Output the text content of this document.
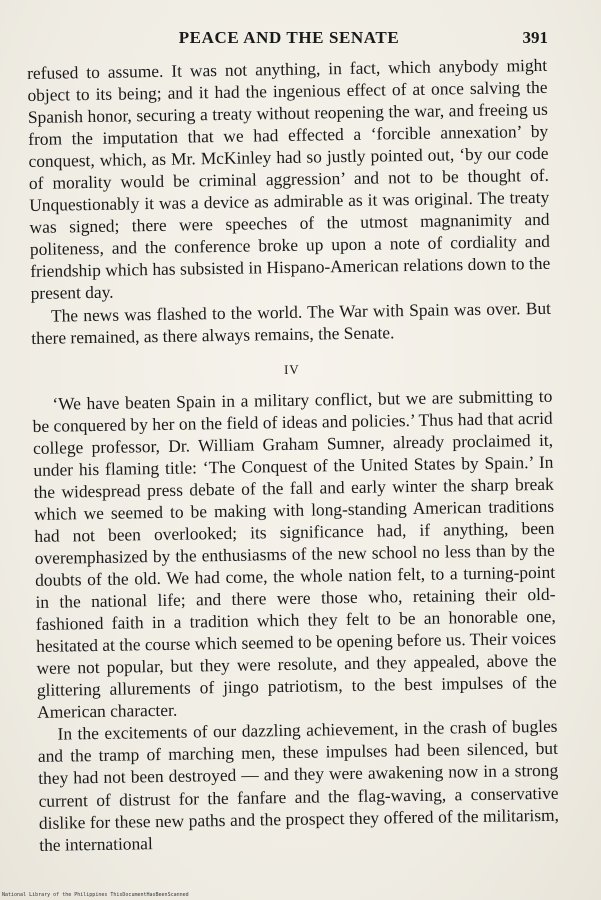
PEACE AND THE SENATE	391

refused to assume. It was not anything, in fact, which anybody might object to its being; and it had the ingenious effect of at once salving the Spanish honor, securing a treaty without reopening the war, and freeing us from the imputation that we had effected a ‘forcible annexation’ by conquest, which, as Mr. McKinley had so justly pointed out, ‘by our code of morality would be criminal aggression’ and not to be thought of. Unquestionably it was a device as admirable as it was original. The treaty was signed; there were speeches of the utmost magnanimity and politeness, and the conference broke up upon a note of cordiality and friendship which has subsisted in Hispano-American relations down to the present day.

The news was flashed to the world. The War with Spain was over. But there remained, as there always remains, the Senate.

IV

‘We have beaten Spain in a military conflict, but we are submitting to be conquered by her on the field of ideas and policies.’ Thus had that acrid college professor, Dr. William Graham Sumner, already proclaimed it, under his flaming title: ‘The Conquest of the United States by Spain.’ In the widespread press debate of the fall and early winter the sharp break which we seemed to be making with long-standing American traditions had not been overlooked; its significance had, if anything, been overemphasized by the enthusiasms of the new school no less than by the doubts of the old. We had come, the whole nation felt, to a turning-point in the national life; and there were those who, retaining their old-fashioned faith in a tradition which they felt to be an honorable one, hesitated at the course which seemed to be opening before us. Their voices were not popular, but they were resolute, and they appealed, above the glittering allurements of jingo patriotism, to the best impulses of the American character.

In the excitements of our dazzling achievement, in the crash of bugles and the tramp of marching men, these impulses had been silenced, but they had not been destroyed — and they were awakening now in a strong current of distrust for the fanfare and the flag-waving, a conservative dislike for these new paths and the prospect they offered of the militarism, the international

National Library of the Philippines ThisDocumentHasBeenScanned
